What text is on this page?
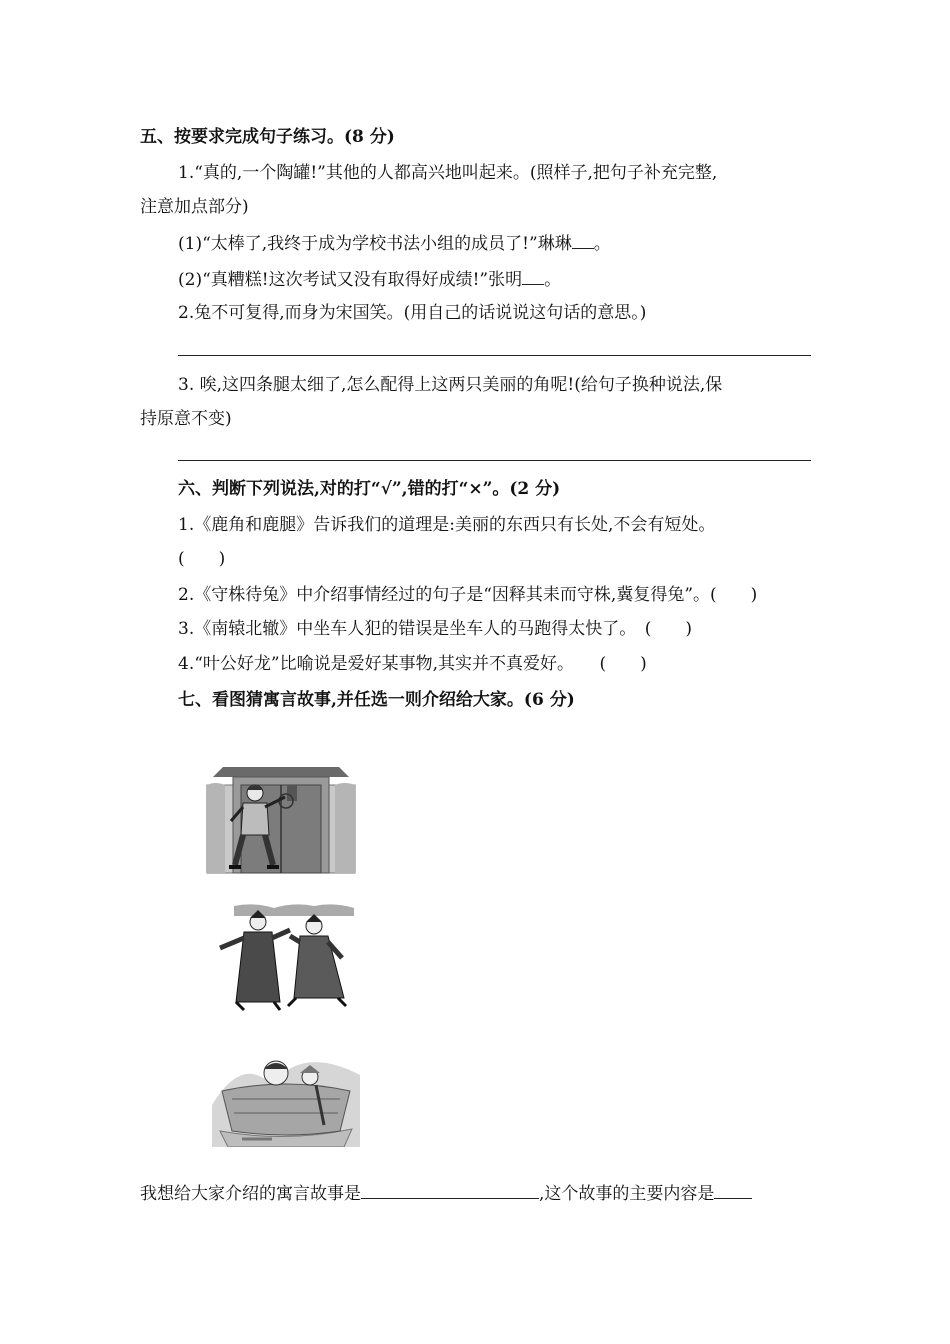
五、按要求完成句子练习。(8 分)
1.“真的,一个陶罐!”其他的人都高兴地叫起来。(照样子,把句子补充完整,
注意加点部分)
(1)“太棒了,我终于成为学校书法小组的成员了!”琳琳 。
(2)“真糟糕!这次考试又没有取得好成绩!”张明 。
2.兔不可复得,而身为宋国笑。(用自己的话说说这句话的意思。)
3. 唉,这四条腿太细了,怎么配得上这两只美丽的角呢!(给句子换种说法,保
持原意不变)
六、判断下列说法,对的打“√”,错的打“×”。(2 分)
1.《鹿角和鹿腿》告诉我们的道理是:美丽的东西只有长处,不会有短处。
(　　)
2.《守株待兔》中介绍事情经过的句子是“因释其耒而守株,冀复得兔”。(　　)
3.《南辕北辙》中坐车人犯的错误是坐车人的马跑得太快了。　(　　)
4.“叶公好龙”比喻说是爱好某事物,其实并不真爱好。　　(　　)
七、看图猜寓言故事,并任选一则介绍给大家。(6 分)
我想给大家介绍的寓言故事是	,这个故事的主要内容是
